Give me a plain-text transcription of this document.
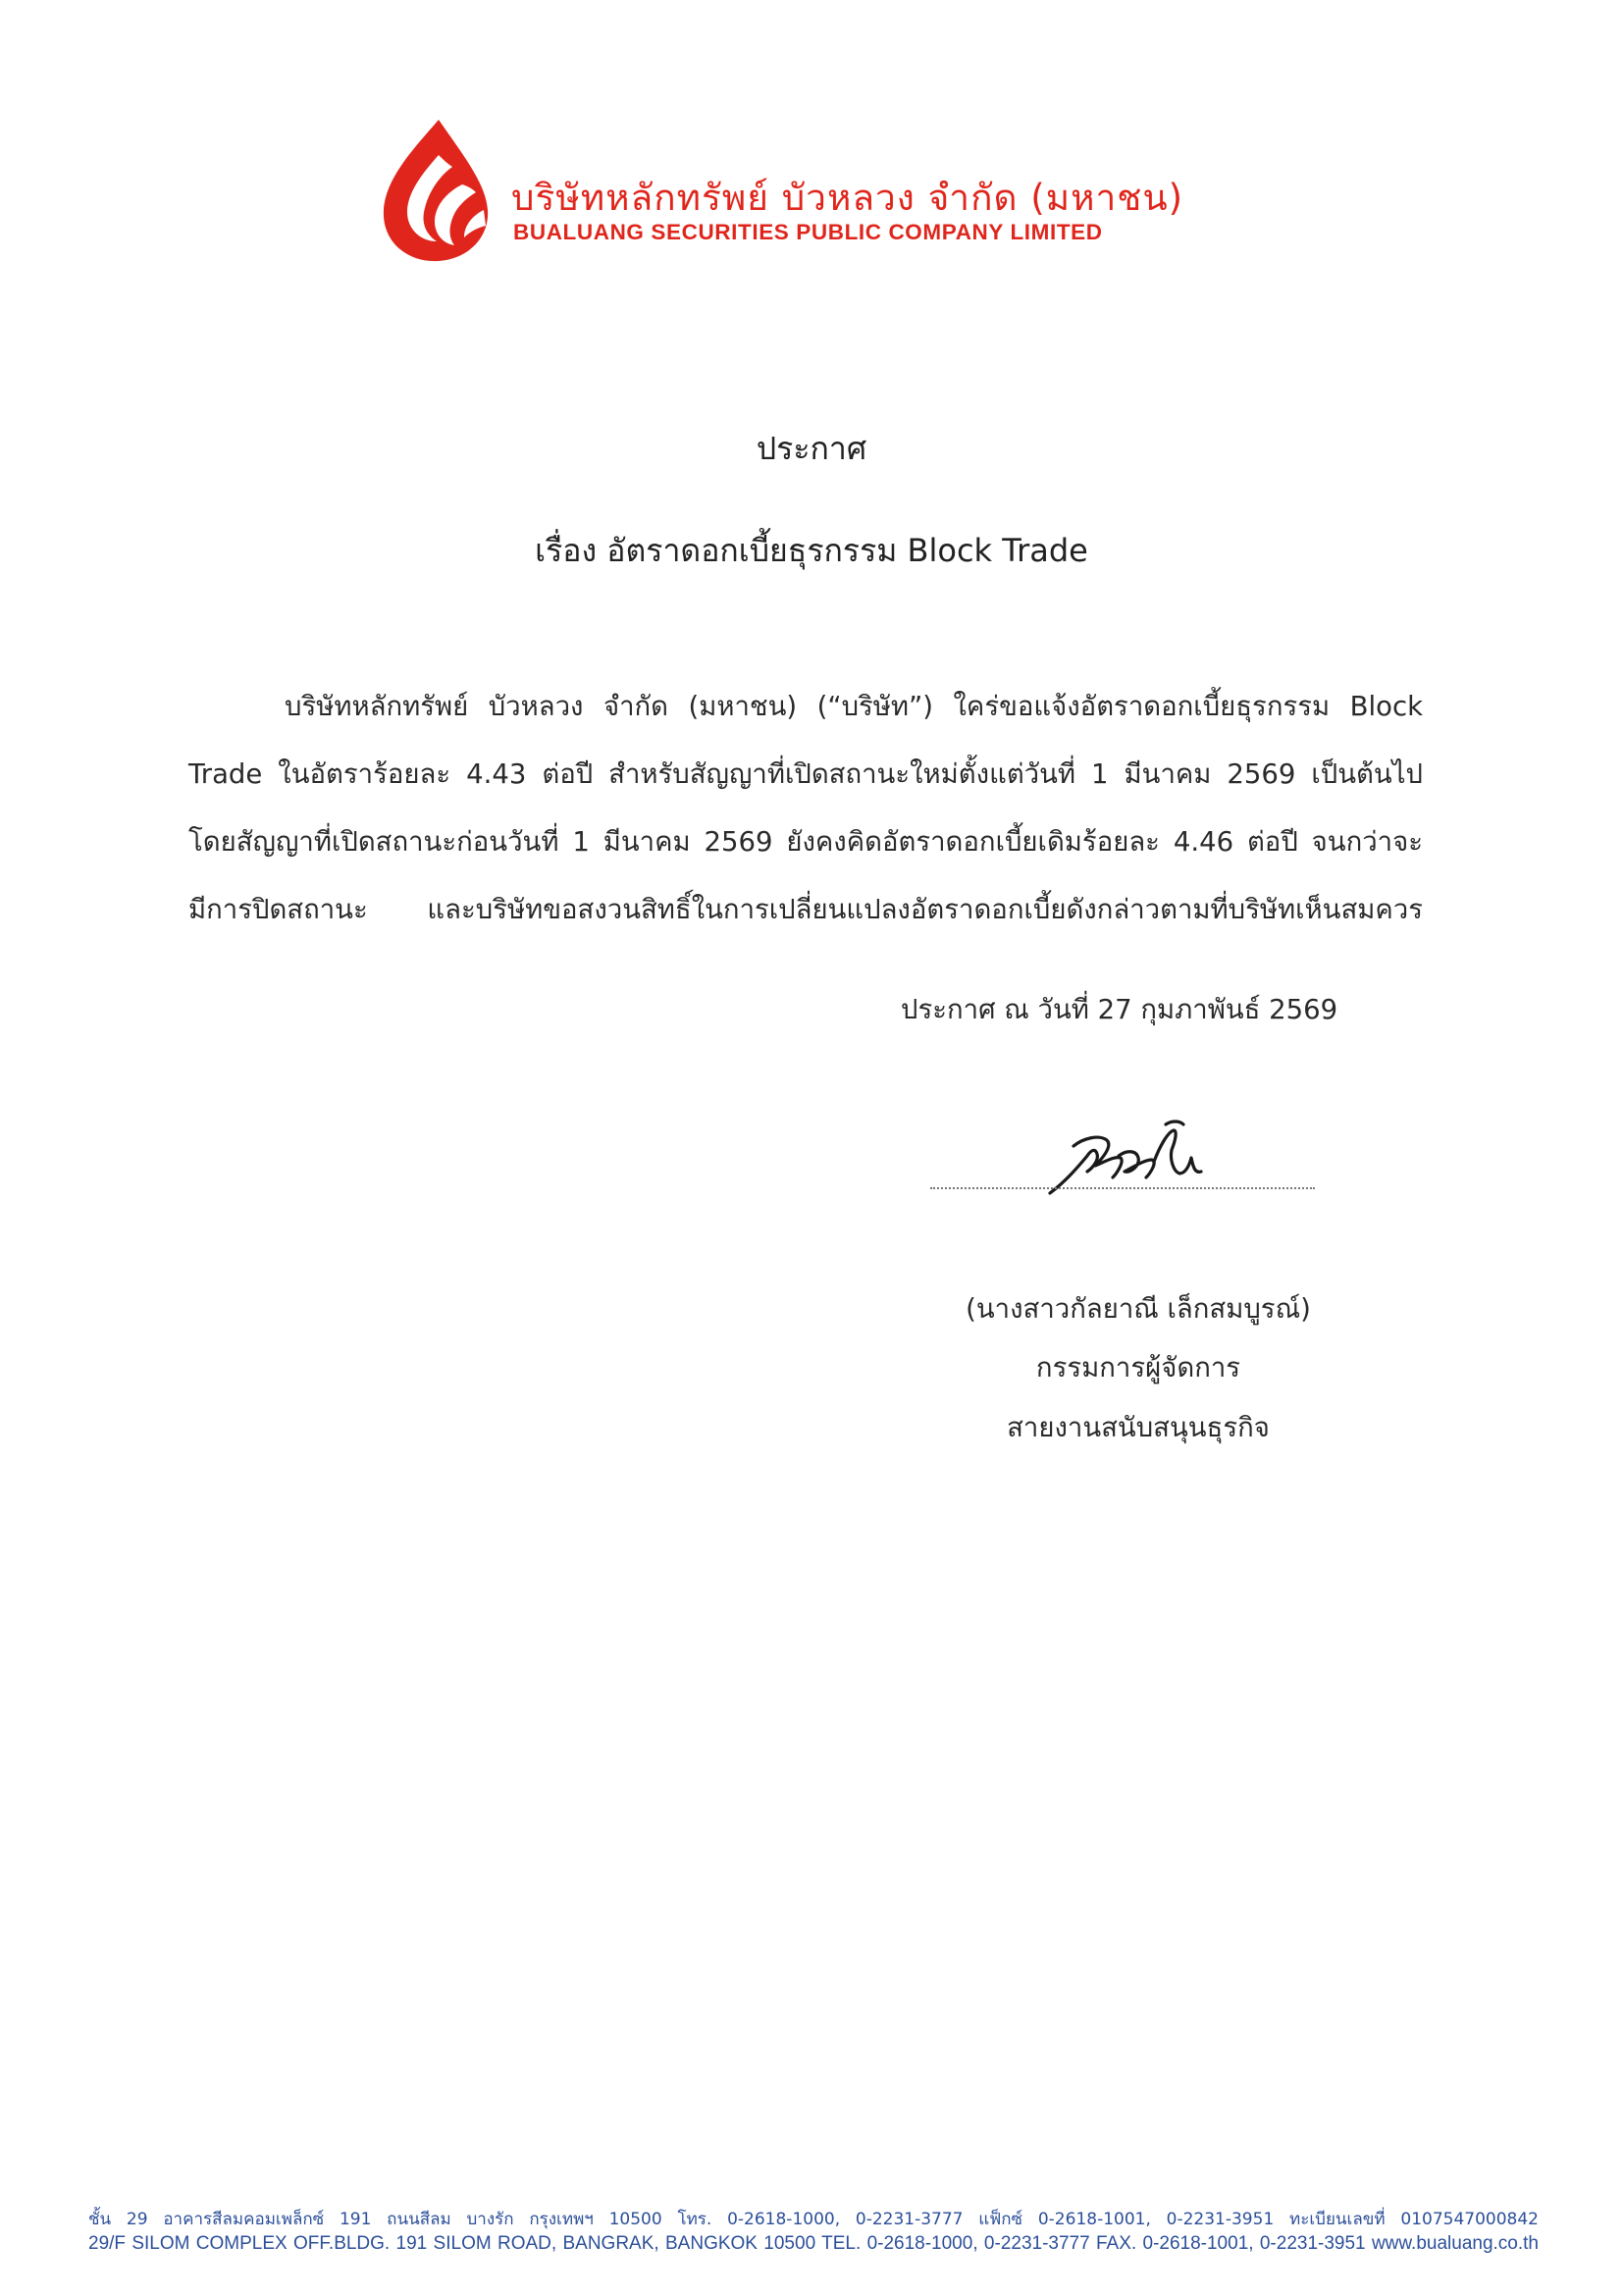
บริษัทหลักทรัพย์ บัวหลวง จำกัด (มหาชน)
BUALUANG SECURITIES PUBLIC COMPANY LIMITED
ประกาศ
เรื่อง อัตราดอกเบี้ยธุรกรรม Block Trade
บริษัทหลักทรัพย์ บัวหลวง จำกัด (มหาชน) (“บริษัท”) ใคร่ขอแจ้งอัตราดอกเบี้ยธุรกรรม Block
Trade ในอัตราร้อยละ 4.43 ต่อปี สำหรับสัญญาที่เปิดสถานะใหม่ตั้งแต่วันที่ 1 มีนาคม 2569 เป็นต้นไป
โดยสัญญาที่เปิดสถานะก่อนวันที่ 1 มีนาคม 2569 ยังคงคิดอัตราดอกเบี้ยเดิมร้อยละ 4.46 ต่อปี จนกว่าจะ
มีการปิดสถานะ และบริษัทขอสงวนสิทธิ์ในการเปลี่ยนแปลงอัตราดอกเบี้ยดังกล่าวตามที่บริษัทเห็นสมควร
ประกาศ ณ วันที่ 27 กุมภาพันธ์ 2569
(นางสาวกัลยาณี เล็กสมบูรณ์)
กรรมการผู้จัดการ
สายงานสนับสนุนธุรกิจ
ชั้น 29 อาคารสีลมคอมเพล็กซ์ 191 ถนนสีลม บางรัก กรุงเทพฯ 10500 โทร. 0-2618-1000, 0-2231-3777 แฟ็กซ์ 0-2618-1001, 0-2231-3951 ทะเบียนเลขที่ 0107547000842
29/F SILOM COMPLEX OFF.BLDG. 191 SILOM ROAD, BANGRAK, BANGKOK 10500 TEL. 0-2618-1000, 0-2231-3777 FAX. 0-2618-1001, 0-2231-3951 www.bualuang.co.th
